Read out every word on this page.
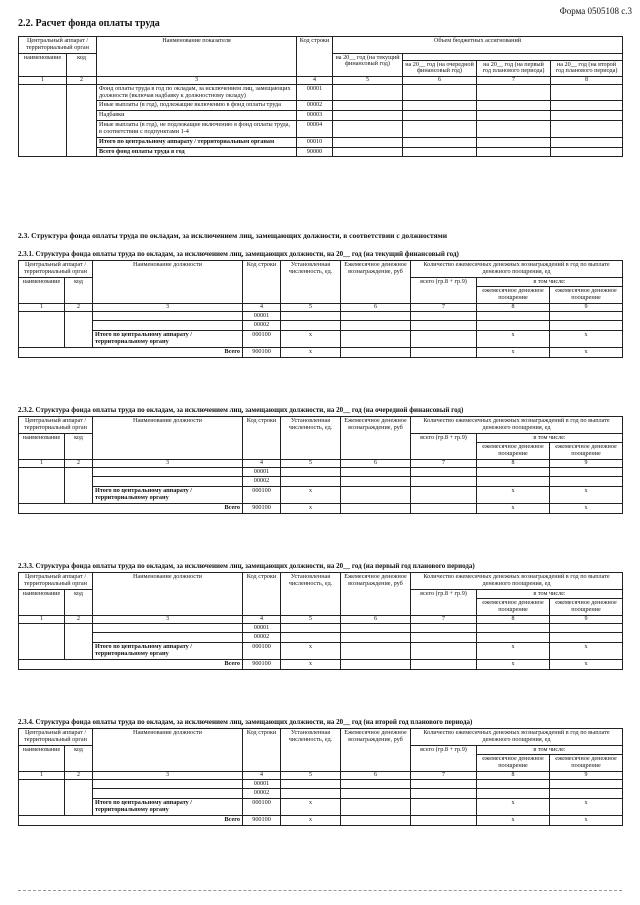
Форма 0505108 с.3
2.2. Расчет фонда оплаты труда
Центральный аппарат / территориальный орган		Наименование показателя	Код строки	Объем бюджетных ассигнований			
наименование	код			на 20__ год (на текущий финансовый год)			
					на 20__ год (на очередной финансовый год)	на 20__ год (на первый год планового периода)	на 20__ год (на второй год планового периода)
1	2	3	4	5	6	7	8
		Фонд оплаты труда в год по окладам, за исключением лиц, замещающих должности (включая надбавку к должностному окладу)	00001				
		Иные выплаты (в год), подлежащие включению в фонд оплаты труда	00002				
		Надбавки	00003				
		Иные выплаты (в год), не подлежащие включению в фонд оплаты труда, в соответствии с подпунктами 1-4	00004				
		Итого по центральному аппарату / территориальным органам	00010				
		Всего фонд оплаты труда в год	90000				
2.3. Структура фонда оплаты труда по окладам, за исключением лиц, замещающих должности, в соответствии с должностями
2.3.1. Структура фонда оплаты труда по окладам, за исключением лиц, замещающих должности, на 20__ год (на текущий финансовый год)
Центральный аппарат / территориальный орган		Наименование должности	Код строки	Установленная численность, ед.	Ежемесячное денежное вознаграждение, руб	Количество ежемесячных денежных вознаграждений в год по выплате денежного поощрения, ед		
наименование	код					всего (гр.8 + гр.9)	в том числе:	
							ежемесячное денежное поощрение	ежемесячное денежное поощрение
1	2	3	4	5	6	7	8	9
			00001					
			00002					
		Итого по центральному аппарату / территориальному органу	000100	x			x	x
Всего			900100	x			x	x
2.3.2. Структура фонда оплаты труда по окладам, за исключением лиц, замещающих должности, на 20__ год (на очередной финансовый год)
Центральный аппарат / территориальный орган		Наименование должности	Код строки	Установленная численность, ед.	Ежемесячное денежное вознаграждение, руб	Количество ежемесячных денежных вознаграждений в год по выплате денежного поощрения, ед		
наименование	код					всего (гр.8 + гр.9)	в том числе:	
							ежемесячное денежное поощрение	ежемесячное денежное поощрение
1	2	3	4	5	6	7	8	9
			00001					
			00002					
		Итого по центральному аппарату / территориальному органу	000100	x			x	x
Всего			900100	x			x	x
2.3.3. Структура фонда оплаты труда по окладам, за исключением лиц, замещающих должности, на 20__ год (на первый год планового периода)
Центральный аппарат / территориальный орган		Наименование должности	Код строки	Установленная численность, ед.	Ежемесячное денежное вознаграждение, руб	Количество ежемесячных денежных вознаграждений в год по выплате денежного поощрения, ед		
наименование	код					всего (гр.8 + гр.9)	в том числе:	
							ежемесячное денежное поощрение	ежемесячное денежное поощрение
1	2	3	4	5	6	7	8	9
			00001					
			00002					
		Итого по центральному аппарату / территориальному органу	000100	x			x	x
Всего			900100	x			x	x
2.3.4. Структура фонда оплаты труда по окладам, за исключением лиц, замещающих должности, на 20__ год (на второй год планового периода)
Центральный аппарат / территориальный орган		Наименование должности	Код строки	Установленная численность, ед.	Ежемесячное денежное вознаграждение, руб	Количество ежемесячных денежных вознаграждений в год по выплате денежного поощрения, ед		
наименование	код					всего (гр.8 + гр.9)	в том числе:	
							ежемесячное денежное поощрение	ежемесячное денежное поощрение
1	2	3	4	5	6	7	8	9
			00001					
			00002					
		Итого по центральному аппарату / территориальному органу	000100	x			x	x
Всего			900100	x			x	x
